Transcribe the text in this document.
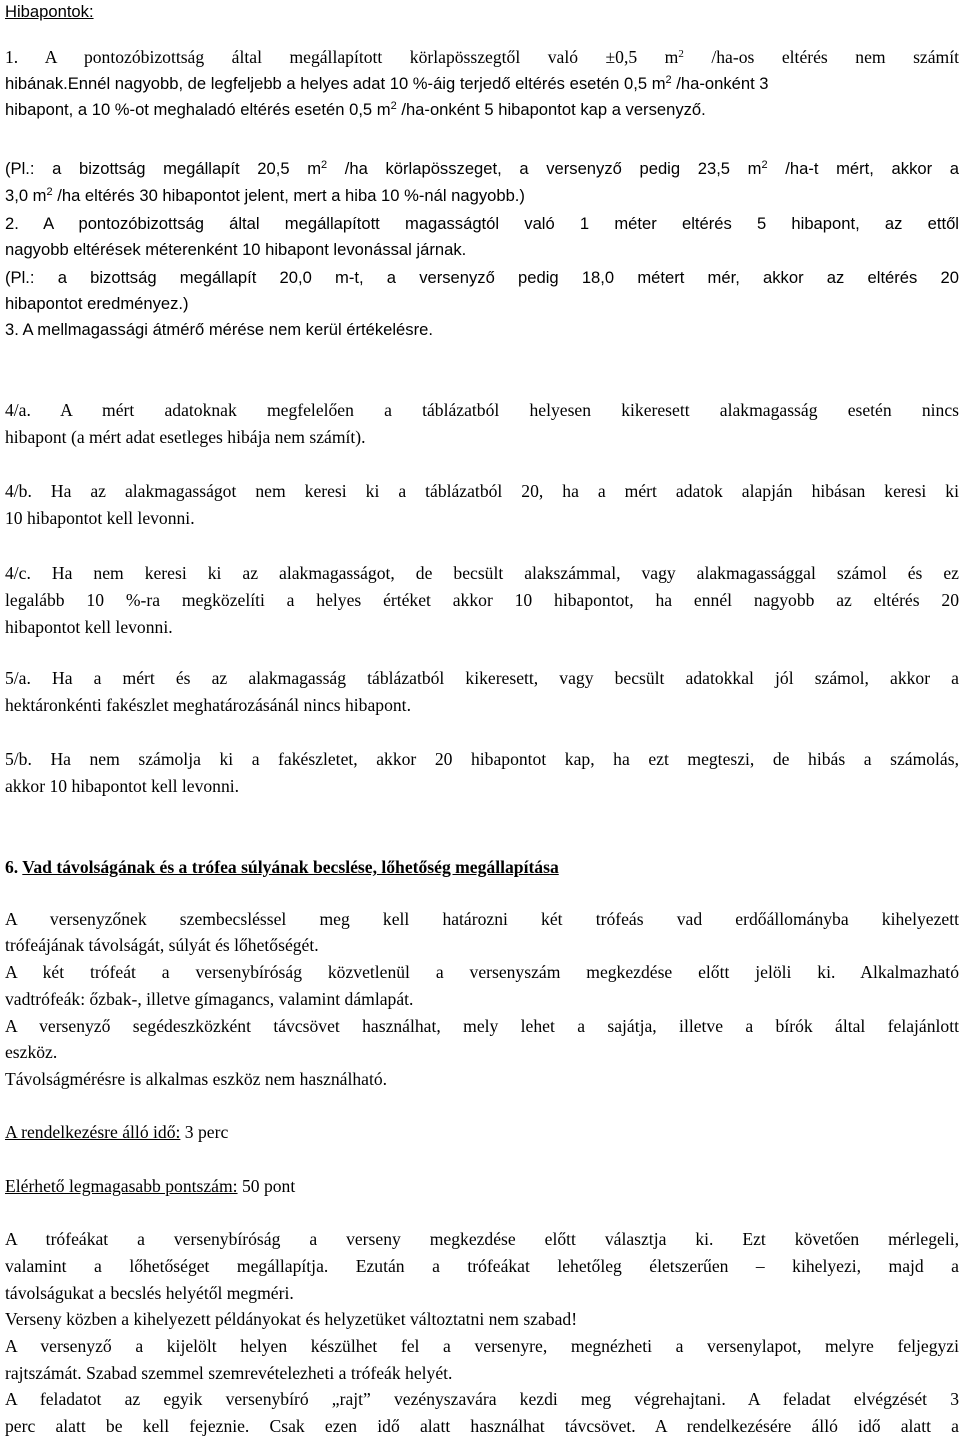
Hibapontok:
1. A pontozóbizottság által megállapított körlapösszegtől való ±0,5 $m^2$ /ha-os eltérés nem számít
hibának.Ennél nagyobb, de legfeljebb a helyes adat 10 %-áig terjedő eltérés esetén 0,5 $m^2$ /ha-onként 3
hibapont, a 10 %-ot meghaladó eltérés esetén 0,5 $m^2$ /ha-onként 5 hibapontot kap a versenyző.
(Pl.: a bizottság megállapít 20,5 $m^2$ /ha körlapösszeget, a versenyző pedig 23,5 $m^2$ /ha-t mért, akkor a
3,0 $m^2$ /ha eltérés 30 hibapontot jelent, mert a hiba 10 %-nál nagyobb.)
2. A pontozóbizottság által megállapított magasságtól való 1 méter eltérés 5 hibapont, az ettől
nagyobb eltérések méterenként 10 hibapont levonással járnak.
(Pl.: a bizottság megállapít 20,0 m-t, a versenyző pedig 18,0 métert mér, akkor az eltérés 20
hibapontot eredményez.)
3. A mellmagassági átmérő mérése nem kerül értékelésre.
4/a. A mért adatoknak megfelelően a táblázatból helyesen kikeresett alakmagasság esetén nincs
hibapont (a mért adat esetleges hibája nem számít).
4/b. Ha az alakmagasságot nem keresi ki a táblázatból 20, ha a mért adatok alapján hibásan keresi ki
10 hibapontot kell levonni.
4/c. Ha nem keresi ki az alakmagasságot, de becsült alakszámmal, vagy alakmagassággal számol és ez
legalább 10 %-ra megközelíti a helyes értéket akkor 10 hibapontot, ha ennél nagyobb az eltérés 20
hibapontot kell levonni.
5/a. Ha a mért és az alakmagasság táblázatból kikeresett, vagy becsült adatokkal jól számol, akkor a
hektáronkénti fakészlet meghatározásánál nincs hibapont.
5/b. Ha nem számolja ki a fakészletet, akkor 20 hibapontot kap, ha ezt megteszi, de hibás a számolás,
akkor 10 hibapontot kell levonni.
A versenyzőnek szembecsléssel meg kell határozni két trófeás vad erdőállományba kihelyezett
trófeájának távolságát, súlyát és lőhetőségét.
A két trófeát a versenybíróság közvetlenül a versenyszám megkezdése előtt jelöli ki. Alkalmazható
vadtrófeák: őzbak-, illetve gímagancs, valamint dámlapát.
A versenyző segédeszközként távcsövet használhat, mely lehet a sajátja, illetve a bírók által felajánlott
eszköz.
Távolságmérésre is alkalmas eszköz nem használható.
A trófeákat a versenybíróság a verseny megkezdése előtt választja ki. Ezt követően mérlegeli,
valamint a lőhetőséget megállapítja. Ezután a trófeákat lehetőleg életszerűen – kihelyezi, majd a
távolságukat a becslés helyétől megméri.
Verseny közben a kihelyezett példányokat és helyzetüket változtatni nem szabad!
A versenyző a kijelölt helyen készülhet fel a versenyre, megnézheti a versenylapot, melyre feljegyzi
rajtszámát. Szabad szemmel szemrevételezheti a trófeák helyét.
A feladatot az egyik versenybíró „rajt” vezényszavára kezdi meg végrehajtani. A feladat elvégzését 3
perc alatt be kell fejeznie. Csak ezen idő alatt használhat távcsövet. A rendelkezésére álló idő alatt a
6. Vad távolságának és a trófea súlyának becslése, lőhetőség megállapítása
A rendelkezésre álló idő: 3 perc
Elérhető legmagasabb pontszám: 50 pont
